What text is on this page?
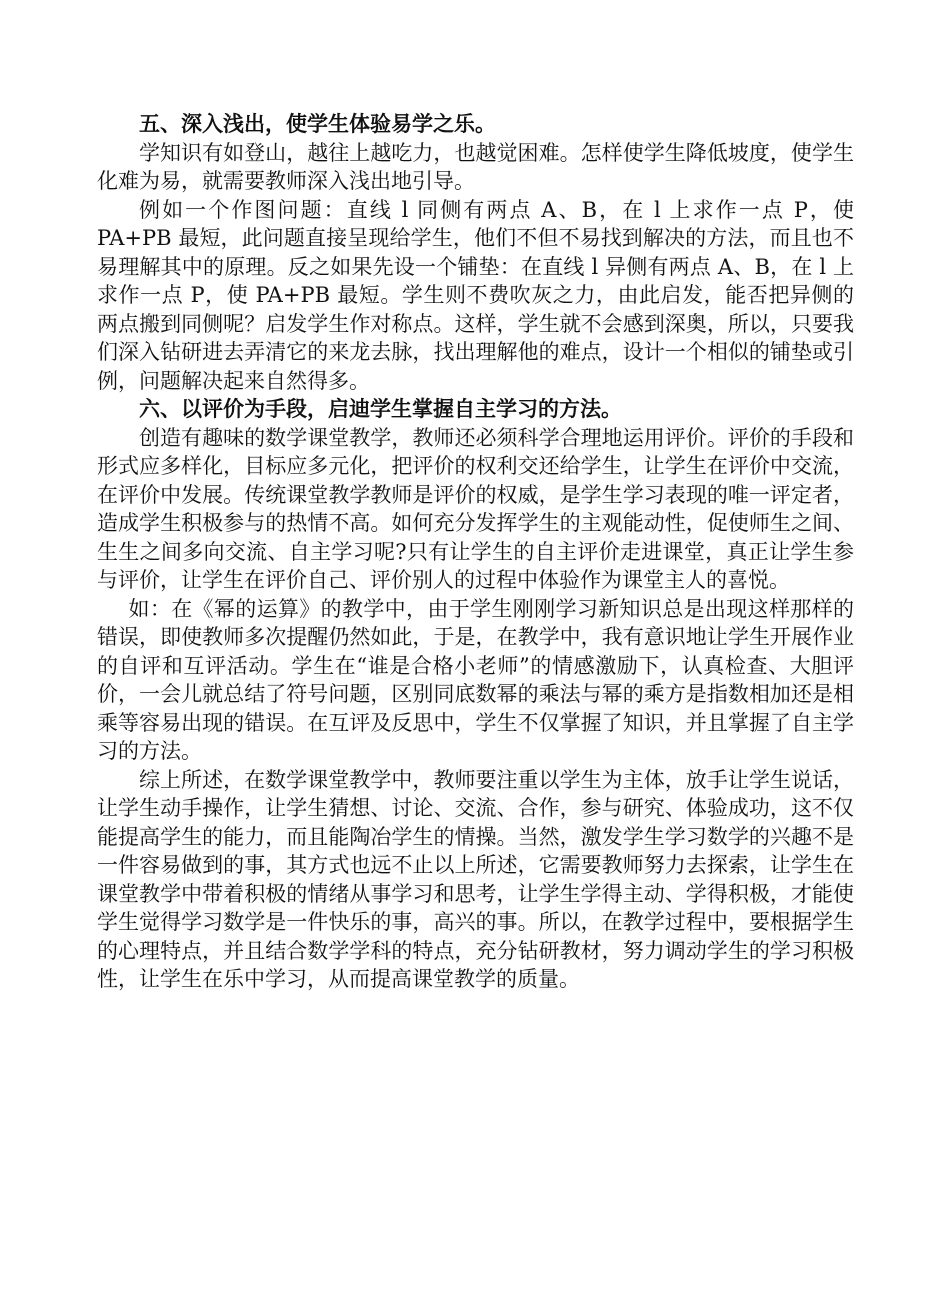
五、深入浅出，使学生体验易学之乐。

学知识有如登山，越往上越吃力，也越觉困难。怎样使学生降低坡度，使学生化难为易，就需要教师深入浅出地引导。

例如一个作图问题：直线 l 同侧有两点 A、B，在 l 上求作一点 P，使 PA+PB 最短，此问题直接呈现给学生，他们不但不易找到解决的方法，而且也不易理解其中的原理。反之如果先设一个铺垫：在直线 l 异侧有两点 A、B，在 l 上求作一点 P，使 PA+PB 最短。学生则不费吹灰之力，由此启发，能否把异侧的两点搬到同侧呢？启发学生作对称点。这样，学生就不会感到深奥，所以，只要我们深入钻研进去弄清它的来龙去脉，找出理解他的难点，设计一个相似的铺垫或引例，问题解决起来自然得多。

六、以评价为手段，启迪学生掌握自主学习的方法。

创造有趣味的数学课堂教学，教师还必须科学合理地运用评价。评价的手段和形式应多样化，目标应多元化，把评价的权利交还给学生，让学生在评价中交流，在评价中发展。传统课堂教学教师是评价的权威，是学生学习表现的唯一评定者，造成学生积极参与的热情不高。如何充分发挥学生的主观能动性，促使师生之间、生生之间多向交流、自主学习呢?只有让学生的自主评价走进课堂，真正让学生参与评价，让学生在评价自己、评价别人的过程中体验作为课堂主人的喜悦。

如：在《幂的运算》的教学中，由于学生刚刚学习新知识总是出现这样那样的错误，即使教师多次提醒仍然如此，于是，在教学中，我有意识地让学生开展作业的自评和互评活动。学生在“谁是合格小老师”的情感激励下，认真检查、大胆评价，一会儿就总结了符号问题，区别同底数幂的乘法与幂的乘方是指数相加还是相乘等容易出现的错误。在互评及反思中，学生不仅掌握了知识，并且掌握了自主学习的方法。

综上所述，在数学课堂教学中，教师要注重以学生为主体，放手让学生说话，让学生动手操作，让学生猜想、讨论、交流、合作，参与研究、体验成功，这不仅能提高学生的能力，而且能陶冶学生的情操。当然，激发学生学习数学的兴趣不是一件容易做到的事，其方式也远不止以上所述，它需要教师努力去探索，让学生在课堂教学中带着积极的情绪从事学习和思考，让学生学得主动、学得积极，才能使学生觉得学习数学是一件快乐的事，高兴的事。所以，在教学过程中，要根据学生的心理特点，并且结合数学学科的特点，充分钻研教材，努力调动学生的学习积极性，让学生在乐中学习，从而提高课堂教学的质量。
